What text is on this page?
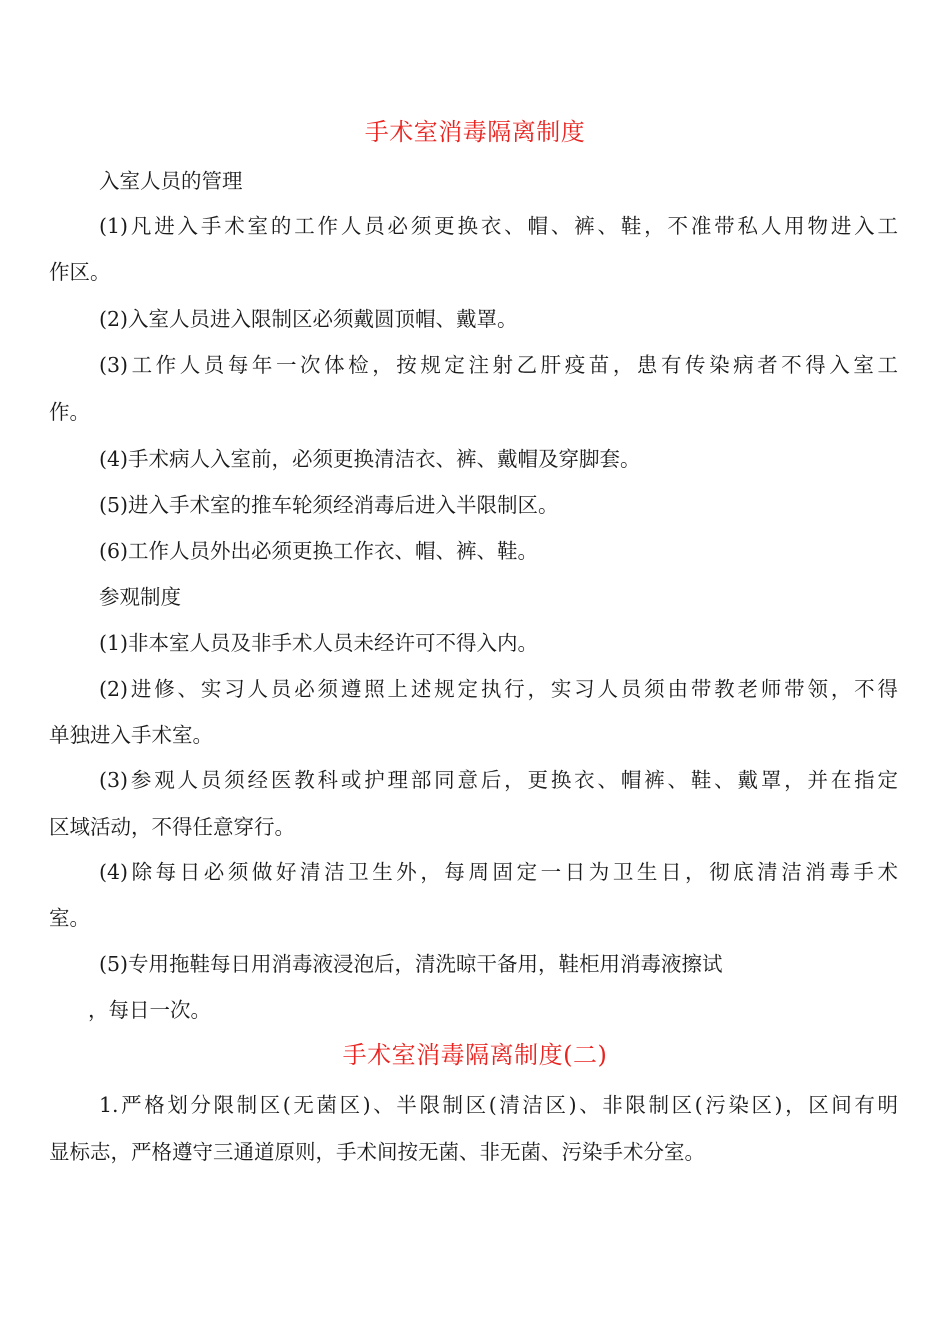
手术室消毒隔离制度
入室人员的管理
(1)凡进入手术室的工作人员必须更换衣、帽、裤、鞋，不准带私人用物进入工
作区。
(2)入室人员进入限制区必须戴圆顶帽、戴罩。
(3)工作人员每年一次体检，按规定注射乙肝疫苗，患有传染病者不得入室工
作。
(4)手术病人入室前，必须更换清洁衣、裤、戴帽及穿脚套。
(5)进入手术室的推车轮须经消毒后进入半限制区。
(6)工作人员外出必须更换工作衣、帽、裤、鞋。
参观制度
(1)非本室人员及非手术人员未经许可不得入内。
(2)进修、实习人员必须遵照上述规定执行，实习人员须由带教老师带领，不得
单独进入手术室。
(3)参观人员须经医教科或护理部同意后，更换衣、帽裤、鞋、戴罩，并在指定
区域活动，不得任意穿行。
(4)除每日必须做好清洁卫生外，每周固定一日为卫生日，彻底清洁消毒手术
室。
(5)专用拖鞋每日用消毒液浸泡后，清洗晾干备用，鞋柜用消毒液擦试
，每日一次。
手术室消毒隔离制度(二)
1.严格划分限制区(无菌区)、半限制区(清洁区)、非限制区(污染区)，区间有明
显标志，严格遵守三通道原则，手术间按无菌、非无菌、污染手术分室。
